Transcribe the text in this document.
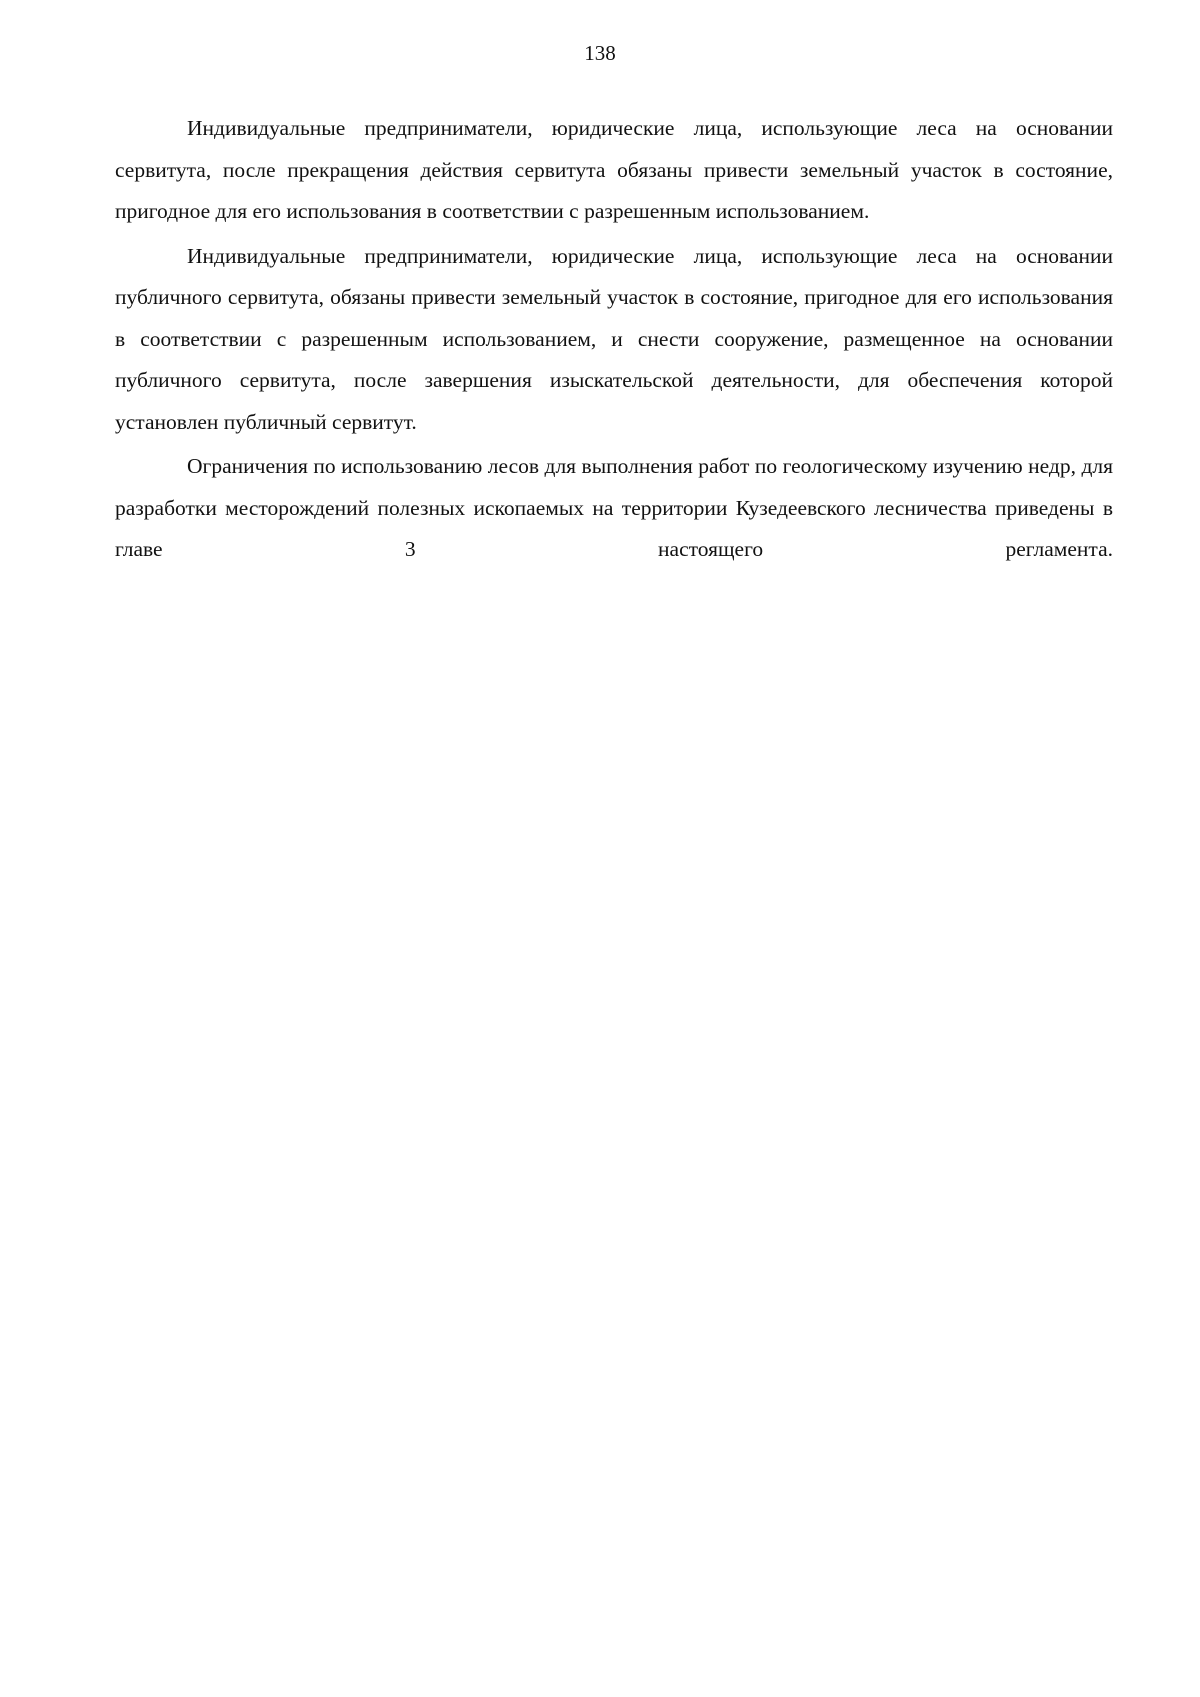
138

Индивидуальные предприниматели, юридические лица, использующие леса на основании сервитута, после прекращения действия сервитута обязаны привести земельный участок в состояние, пригодное для его использования в соответствии с разрешенным использованием.

Индивидуальные предприниматели, юридические лица, использующие леса на основании публичного сервитута, обязаны привести земельный участок в состояние, пригодное для его использования в соответствии с разрешенным использованием, и снести сооружение, размещенное на основании публичного сервитута, после завершения изыскательской деятельности, для обеспечения которой установлен публичный сервитут.

Ограничения по использованию лесов для выполнения работ по геологическому изучению недр, для разработки месторождений полезных ископаемых на территории Кузедеевского лесничества приведены в главе 3 настоящего регламента.
